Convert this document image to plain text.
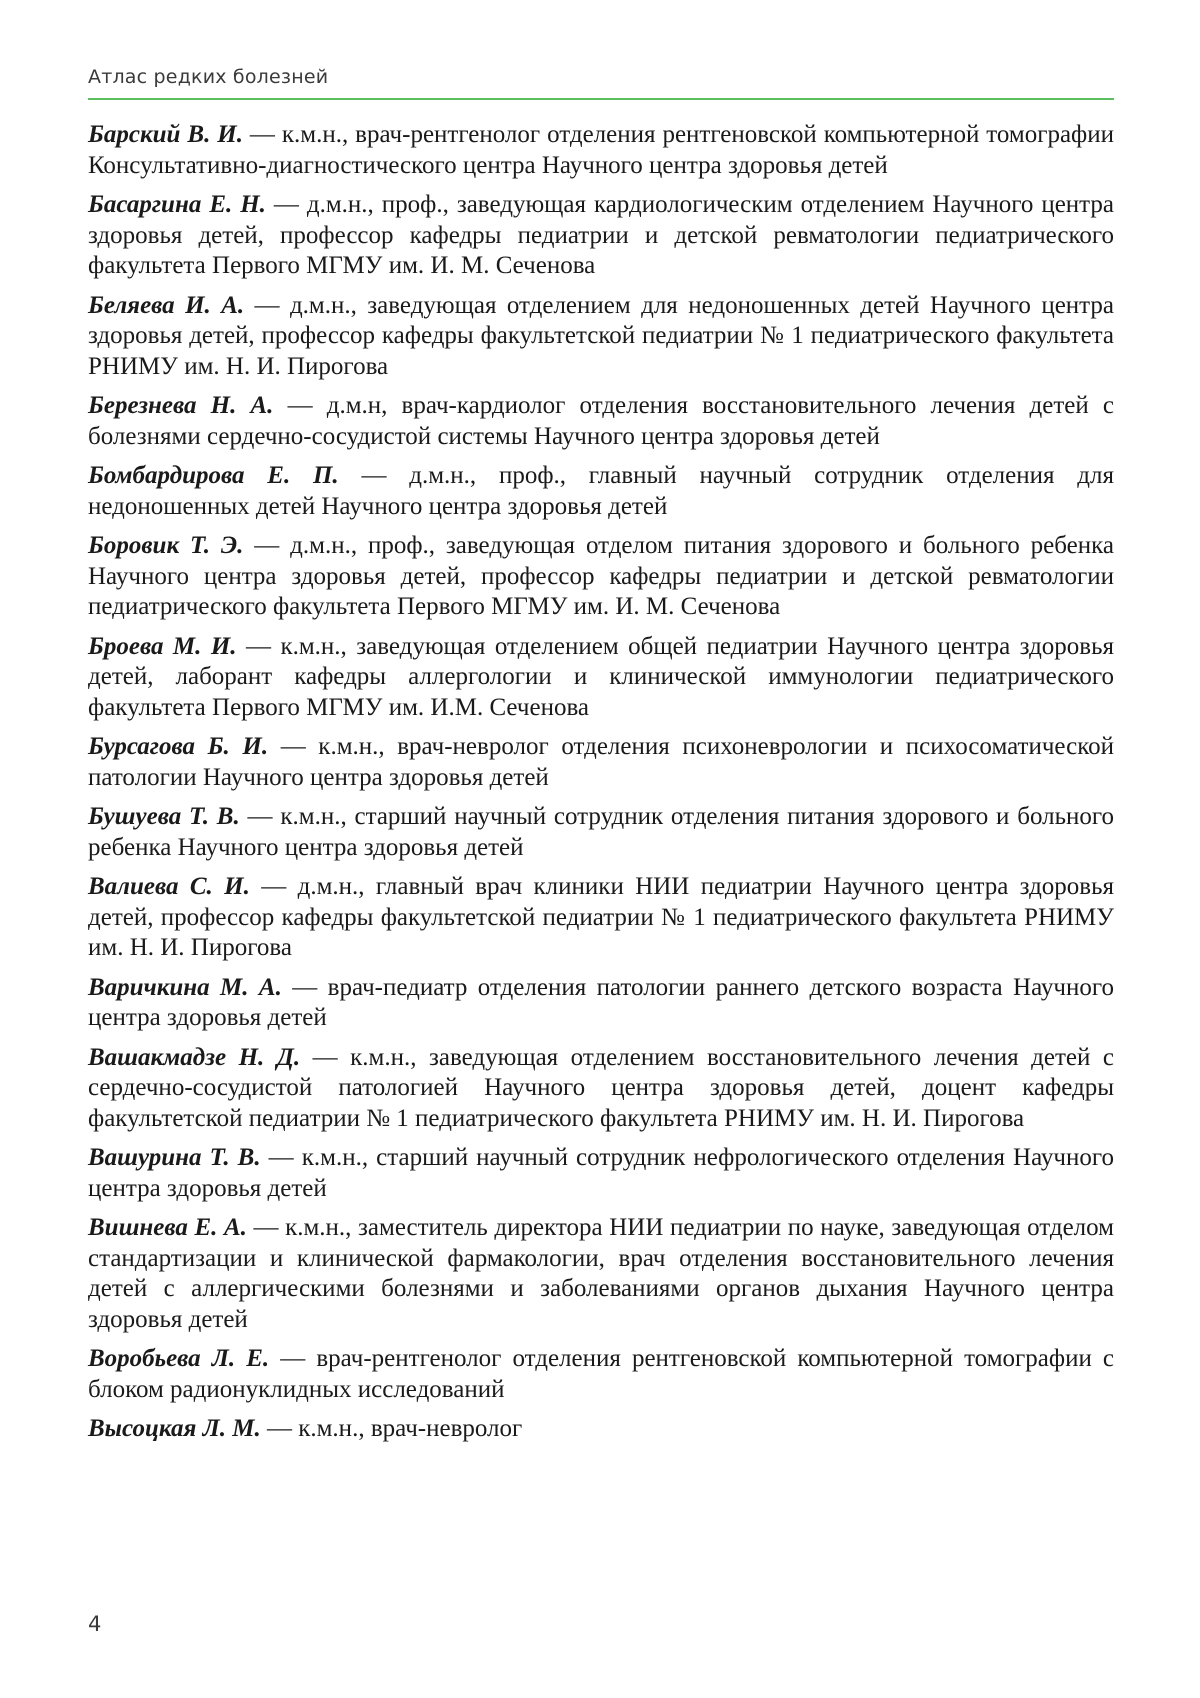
Атлас редких болезней

Барский В. И. — к.м.н., врач-рентгенолог отделения рентгеновской компьютерной томографии Консультативно-диагностического центра Научного центра здоровья детей

Басаргина Е. Н. — д.м.н., проф., заведующая кардиологическим отделением Научного центра здоровья детей, профессор кафедры педиатрии и детской ревматологии педиатрического факультета Первого МГМУ им. И. М. Сеченова

Беляева И. А. — д.м.н., заведующая отделением для недоношенных детей Научного центра здоровья детей, профессор кафедры факультетской педиатрии № 1 педиатрического факультета РНИМУ им. Н. И. Пирогова

Березнева Н. А. — д.м.н, врач-кардиолог отделения восстановительного лечения детей с болезнями сердечно-сосудистой системы Научного центра здоровья детей

Бомбардирова Е. П. — д.м.н., проф., главный научный сотрудник отделения для недоношенных детей Научного центра здоровья детей

Боровик Т. Э. — д.м.н., проф., заведующая отделом питания здорового и больного ребенка Научного центра здоровья детей, профессор кафедры педиатрии и детской ревматологии педиатрического факультета Первого МГМУ им. И. М. Сеченова

Броева М. И. — к.м.н., заведующая отделением общей педиатрии Научного центра здоровья детей, лаборант кафедры аллергологии и клинической иммунологии педиатрического факультета Первого МГМУ им. И.М. Сеченова

Бурсагова Б. И. — к.м.н., врач-невролог отделения психоневрологии и психосоматической патологии Научного центра здоровья детей

Бушуева Т. В. — к.м.н., старший научный сотрудник отделения питания здорового и больного ребенка Научного центра здоровья детей

Валиева С. И. — д.м.н., главный врач клиники НИИ педиатрии Научного центра здоровья детей, профессор кафедры факультетской педиатрии № 1 педиатрического факультета РНИМУ им. Н. И. Пирогова

Варичкина М. А. — врач-педиатр отделения патологии раннего детского возраста Научного центра здоровья детей

Вашакмадзе Н. Д. — к.м.н., заведующая отделением восстановительного лечения детей с сердечно-сосудистой патологией Научного центра здоровья детей, доцент кафедры факультетской педиатрии № 1 педиатрического факультета РНИМУ им. Н. И. Пирогова

Вашурина Т. В. — к.м.н., старший научный сотрудник нефрологического отделения Научного центра здоровья детей

Вишнева Е. А. — к.м.н., заместитель директора НИИ педиатрии по науке, заведующая отделом стандартизации и клинической фармакологии, врач отделения восстановительного лечения детей с аллергическими болезнями и заболеваниями органов дыхания Научного центра здоровья детей

Воробьева Л. Е. — врач-рентгенолог отделения рентгеновской компьютерной томографии с блоком радионуклидных исследований

Высоцкая Л. М. — к.м.н., врач-невролог

4
